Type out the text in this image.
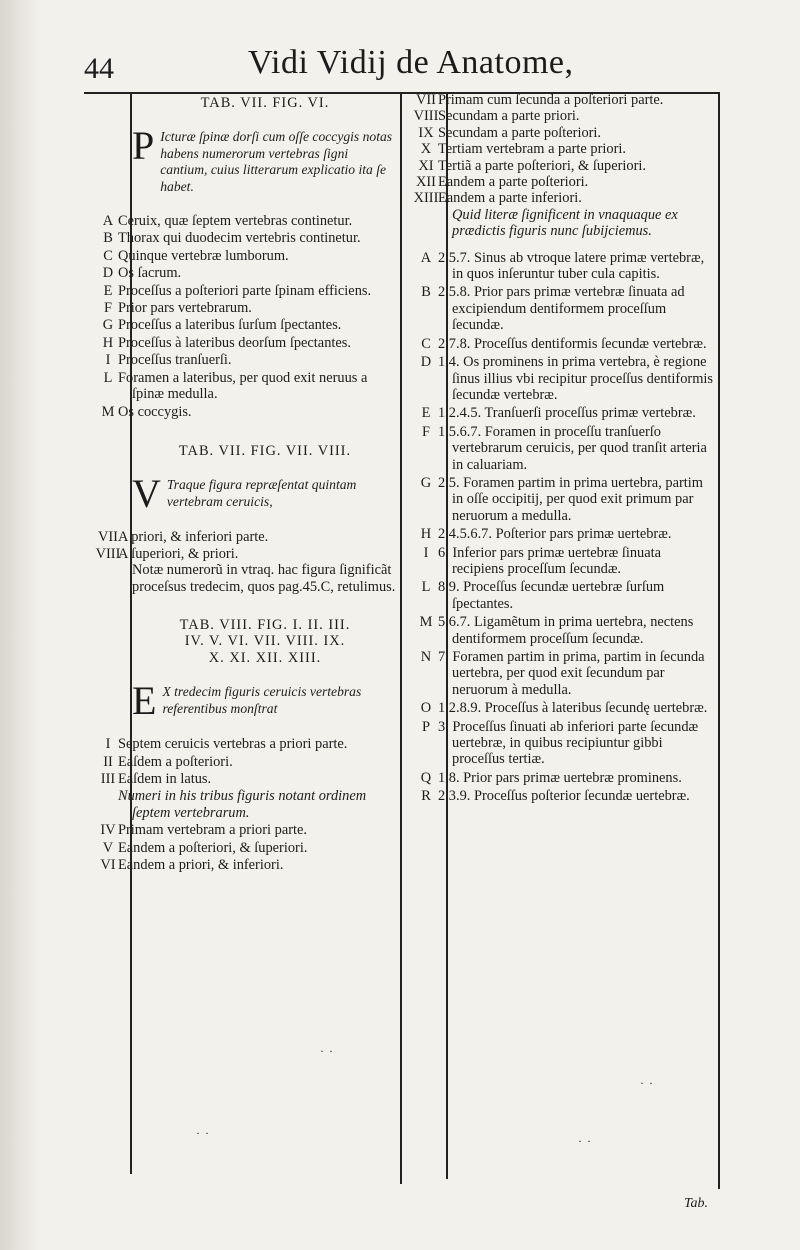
44	Vidi Vidij de Anatome,
TAB. VII. FIG. VI.
P Icturæ ſpinæ dorſi cum oſſe coccygis notas habens numerorum vertebras ſigni cantium, cuius litterarum explicatio ita ſe habet.
A Ceruix, quæ ſeptem vertebras continetur.
B Thorax qui duodecim vertebris continetur.
C Quinque vertebræ lumborum.
D Os ſacrum.
E Proceſſus a poſteriori parte ſpinam efficiens.
F Prior pars vertebrarum.
G Proceſſus a lateribus ſurſum ſpectantes.
H Proceſſus à lateribus deorſum ſpectantes.
I Proceſſus tranſuerſi.
L Foramen a lateribus, per quod exit neruus a ſpinæ medulla.
M Os coccygis.
TAB. VII. FIG. VII. VIII.
V Traque figura repræſentat quintam vertebram ceruicis,
VII A priori, & inferiori parte.
VIII
A ſuperiori, & priori.
Notæ numerorũ in vtraq. hac figura ſignificãt proceſsus tredecim, quos pag.45.C, retulimus.
TAB. VIII. FIG. I. II. III.
IV. V. VI. VII. VIII. IX.
X. XI. XII. XIII.
E X tredecim figuris ceruicis vertebras referentibus monſtrat
I Septem ceruicis vertebras a priori parte.
II Eaſdem a poſteriori.
III Eaſdem in latus.
Numeri in his tribus figuris notant ordinem ſeptem vertebrarum.
IV Primam vertebram a priori parte.
V Eandem a poſteriori, & ſuperiori.
VI Eandem a priori, & inferiori.
VII Primam cum ſecunda a poſteriori parte.
VIII Secundam a parte priori.
IX Secundam a parte poſteriori.
X Tertiam vertebram a parte priori.
XI Tertiã a parte poſteriori, & ſuperiori.
XII Eandem a parte poſteriori.
XIII Eandem a parte inferiori.
Quid literæ ſignificent in vnaquaque ex prædictis figuris nunc ſubijciemus.
A 2.5.7. Sinus ab vtroque latere primæ vertebræ, in quos inſeruntur tuber cula capitis.
B 2.5.8. Prior pars primæ vertebræ ſinuata ad excipiendum dentiformem proceſſum ſecundæ.
C 2.7.8. Proceſſus dentiformis ſecundæ vertebræ.
D 1.4. Os prominens in prima vertebra, è regione ſinus illius vbi recipitur proceſſus dentiformis ſecundæ vertebræ.
E 1.2.4.5. Tranſuerſi proceſſus primæ vertebræ.
F 1.5.6.7. Foramen in proceſſu tranſuerſo vertebrarum ceruicis, per quod tranſit arteria in caluariam.
G 2.5. Foramen partim in prima uertebra, partim in oſſe occipitij, per quod exit primum par neruorum a medulla.
H 2.4.5.6.7. Poſterior pars primæ uertebræ.
I 6. Inferior pars primæ uertebræ ſinuata recipiens proceſſum ſecundæ.
L 8.9. Proceſſus ſecundæ uertebræ ſurſum ſpectantes.
M 5.6.7. Ligamẽtum in prima uertebra, nectens dentiformem proceſſum ſecundæ.
N 7. Foramen partim in prima, partim in ſecunda uertebra, per quod exit ſecundum par neruorum à medulla.
O 1.2.8.9. Proceſſus à lateribus ſecundę uertebræ.
P 3. Proceſſus ſinuati ab inferiori parte ſecundæ uertebræ, in quibus recipiuntur gibbi proceſſus tertiæ.
Q 1.8. Prior pars primæ uertebræ prominens.
R 2.3.9. Proceſſus poſterior ſecundæ uertebræ.
· ·
· ·
· ·
· ·
Tab.
